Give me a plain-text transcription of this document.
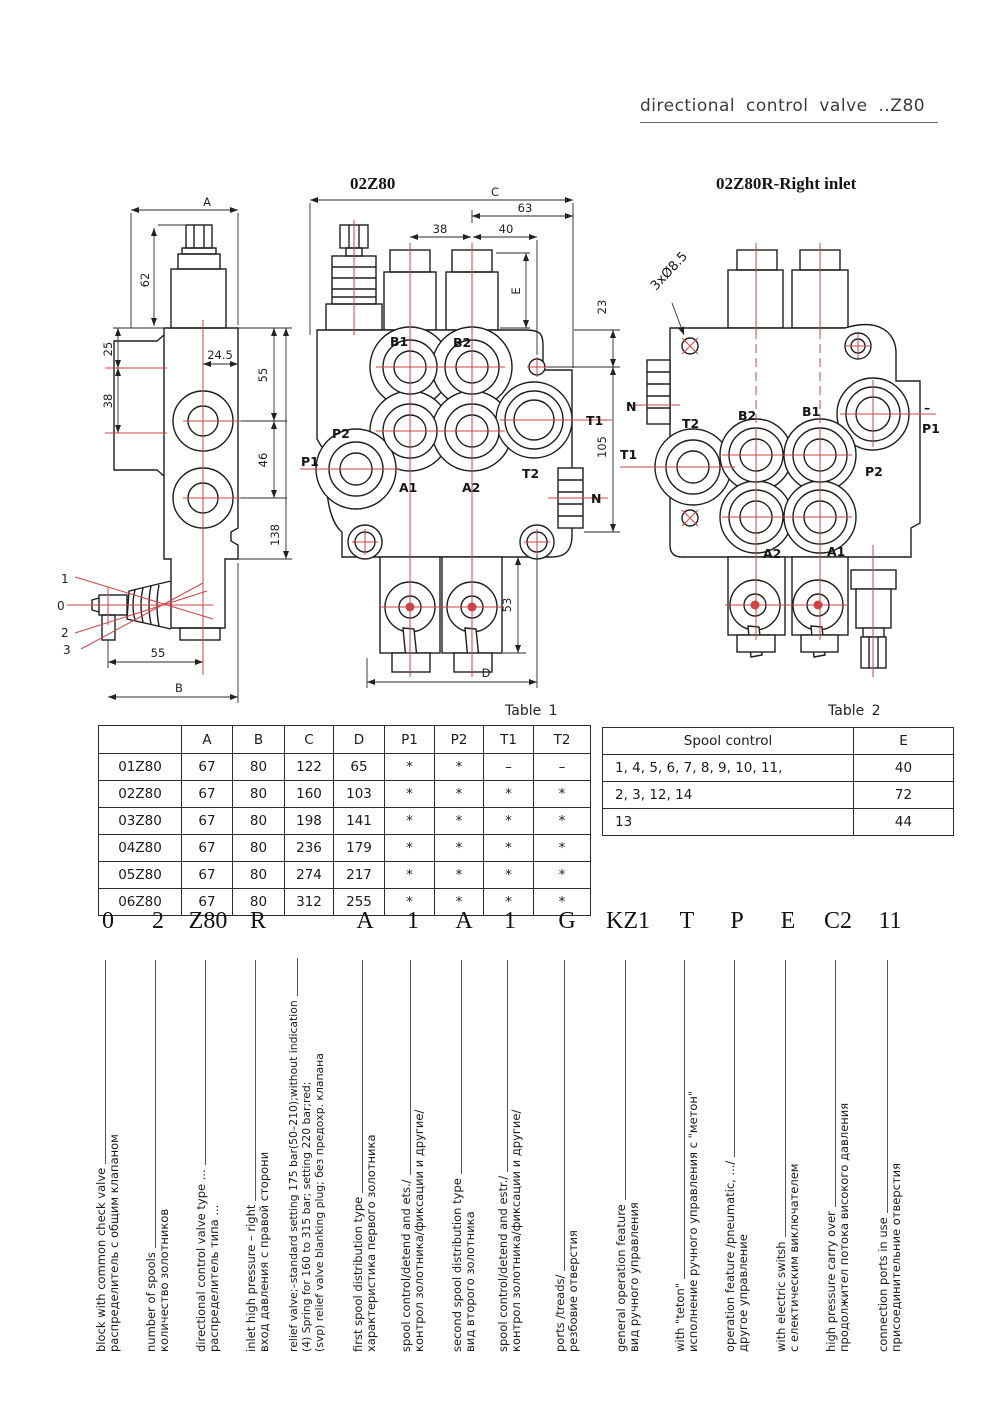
directional control valve ..Z80
02Z80	02Z80R-Right inlet
A
62
25
38
24.5
55
46
138
55
B
1
0
2
3
C
63
38	40
E
23
105
53
D
B1	B2
A1	A2
P2
P1
T2
T1
N
N
T1
T2
B2	B1	–
P1
P2
A2	A1
3xØ8.5
Table 1
	A	B	C	D	P1	P2	T1	T2
01Z80	67	80	122	65	*	*	–	–
02Z80	67	80	160	103	*	*	*	*
03Z80	67	80	198	141	*	*	*	*
04Z80	67	80	236	179	*	*	*	*
05Z80	67	80	274	217	*	*	*	*
06Z80	67	80	312	255	*	*	*	*
Table 2
Spool control	E
1, 4, 5, 6, 7, 8, 9, 10, 11,	40
2, 3, 12, 14	72
13	44
0	2	Z80 R	A	1	A	1	G	KZ1	T	P	E	C2	11
block with common check valve распределитель с общим клапаном number of spools количество золотников directional control valve type ... распределитель типа ... inlet high pressure – right вход давления с правой сторони relief valve;–standard setting 175 bar(50–210);without indication (4) Spring for 160 to 315 bar; setting 220 bar;red; (svp) relief valve blanking plug; без предохр. клапана first spool distribution type характеристика первого золотника spool control/detend and ets./ контрол золотника/фиксации и другие/ second spool distribution type вид второго золотника spool control/detend and estr./ контрол золотника/фиксации и другие/	ports /treads/ резбовие отверстия	general operation feature вид ручного управления	with "teton" исполнение ручного управления с "метон" operation feature /pneumatic, .../ другое управление with electric switsh с електическим виключателем high pressure carry over продолжител потока високого давления connection ports in use присоединительние отверстия
